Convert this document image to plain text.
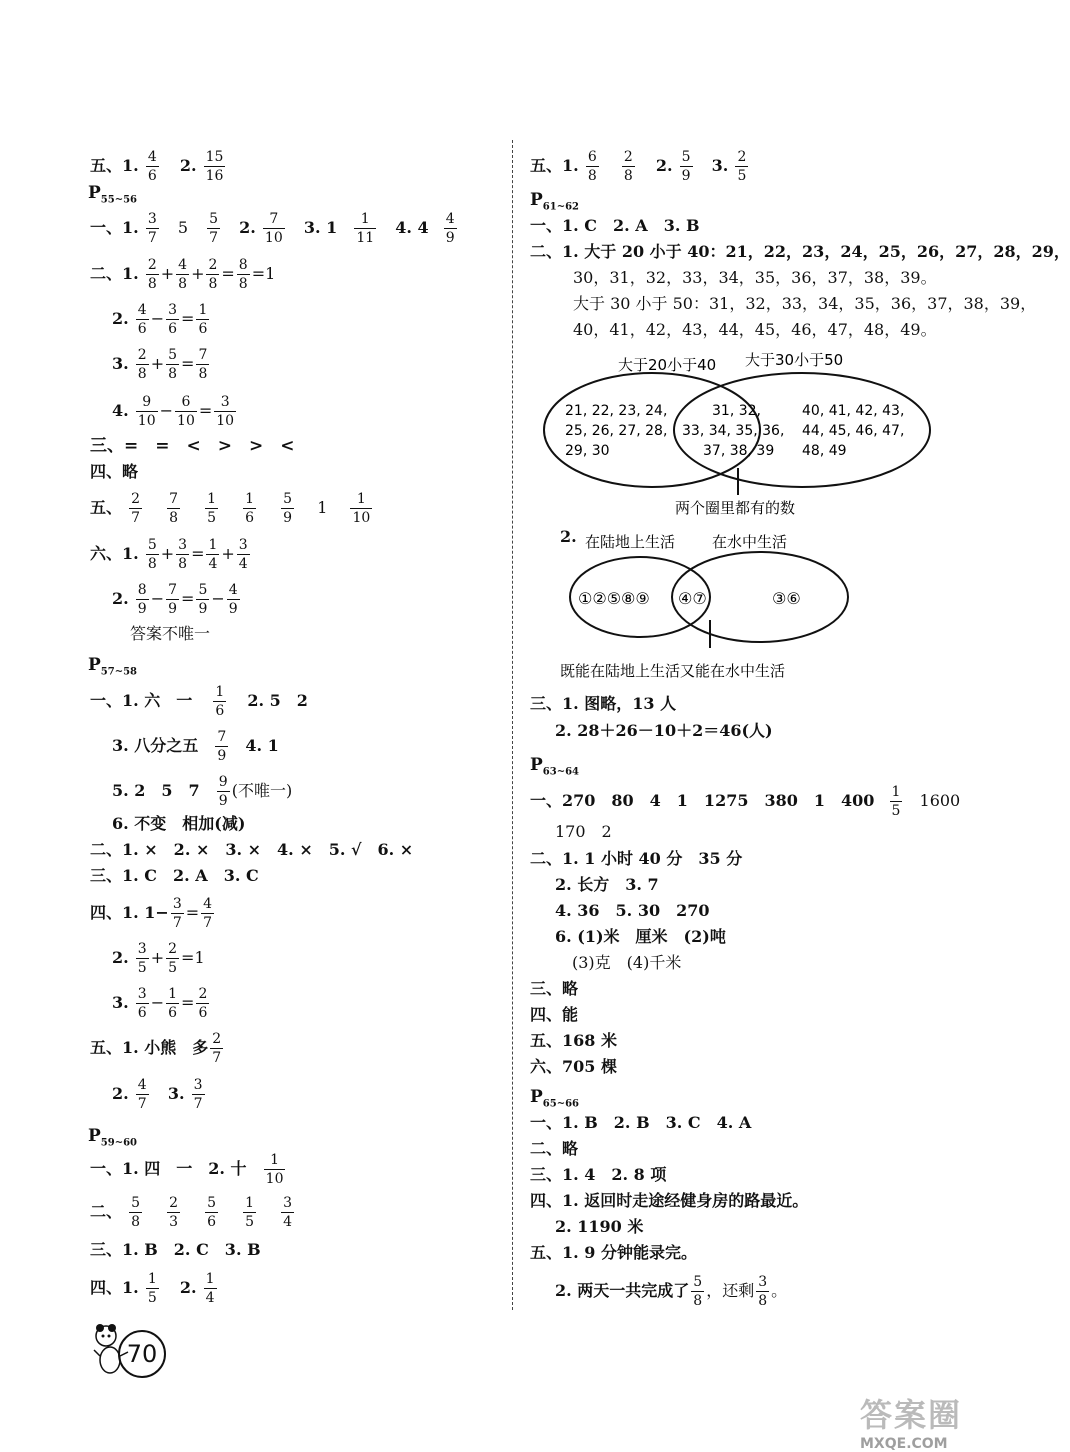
五、1. $\frac{4}{6} 2$. $\frac{15}{16}$
$P_{55\sim 56}$
一、1. $\frac{3}{7} 5 \frac{5}{7} 2$. $\frac{7}{10} 3$. $1 \frac{1}{11} 4$. $4 \frac{4}{9}$
二、1. $\frac{2}{8} + \frac{4}{8} + \frac{2}{8} = \frac{8}{8} =1$
2. $\frac{4}{6} - \frac{3}{6} = \frac{1}{6}$
3. $\frac{2}{8} + \frac{5}{8} = \frac{7}{8}$
4. $\frac{9}{10} - \frac{6}{10} = \frac{3}{10}$
三、=　=　<　>　>　<
四、略
五、 $\frac{2}{7}$
$\frac{7}{8}$
$\frac{1}{5}$
$\frac{1}{6}$
$\frac{5}{9} 1 \frac{1}{10}$
六、1. $\frac{5}{8} + \frac{3}{8} = \frac{1}{4} + \frac{3}{4}$
2. $\frac{8}{9} - \frac{7}{9} = \frac{5}{9} - \frac{4}{9}$
答案不唯一
$P_{57\sim 58}$
一、1. 六　一 $\frac{1}{6} 2$. 5　2
3. 八分之五 $\frac{7}{9} 4$. 1
5. 2　5　$7 \frac{9}{9}$ (不唯一)
6. 不变　相加(减)
二、1. ×　2. ×　3. ×　4. ×　5. √　6. ×
三、1. C　2. A　3. C
四、1. $1- \frac{3}{7} = \frac{4}{7}$
2. $\frac{3}{5} + \frac{2}{5} =1$
3. $\frac{3}{6} - \frac{1}{6} = \frac{2}{6}$
五、1. 小熊　多 $\frac{2}{7}$
2. $\frac{4}{7} 3$. $\frac{3}{7}$
$P_{59\sim 60}$
一、1. 四　一　2. 十 $\frac{1}{10}$
二、 $\frac{5}{8}$
$\frac{2}{3}$
$\frac{5}{6}$
$\frac{1}{5}$
$\frac{3}{4}$
三、1. B　2. C　3. B
四、1. $\frac{1}{5} 2$. $\frac{1}{4}$
五、1. $\frac{6}{8}$
$\frac{2}{8} 2$. $\frac{5}{9} 3$. $\frac{2}{5}$
$P_{61\sim 62}$
一、1. C　2. A　3. B
二、1. 大于 20 小于 40：21，22，23，24，25，26，27，28，29，
30，31，32，33，34，35，36，37，38，39。
大于 30 小于 50：31，32，33，34，35，36，37，38，39，
40，41，42，43，44，45，46，47，48，49。
大于20小于40 大于30小于50
21, 22, 23, 24,
25, 26, 27, 28,
29, 30
31, 32,
33, 34, 35, 36,
37, 38, 39
40, 41, 42, 43,
44, 45, 46, 47,
48, 49
两个圈里都有的数
2. 在陆地上生活 在水中生活
①②⑤⑧⑨ ④⑦	③⑥
既能在陆地上生活又能在水中生活
三、1. 图略，13 人
2. 28＋26－10＋2＝46(人)
$P_{63\sim 64}$
一、270　80　4　1　1275　380　1　$400 \frac{1}{5} 1600$
170　2
二、1. 1 小时 40 分　35 分
2. 长方　3. 7
4. 36　5. 30　270
6. (1)米　厘米　(2)吨
(3)克　(4)千米
三、略
四、能
五、168 米
六、705 棵
$P_{65\sim 66}$
一、1. B　2. B　3. C　4. A
二、略
三、1. 4　2. 8 项
四、1. 返回时走途经健身房的路最近。
2. 1190 米
五、1. 9 分钟能录完。
2. 两天一共完成了 $\frac{5}{8}$ ，还剩 $\frac{3}{8}$ 。
70
答案圈
MXQE.COM
